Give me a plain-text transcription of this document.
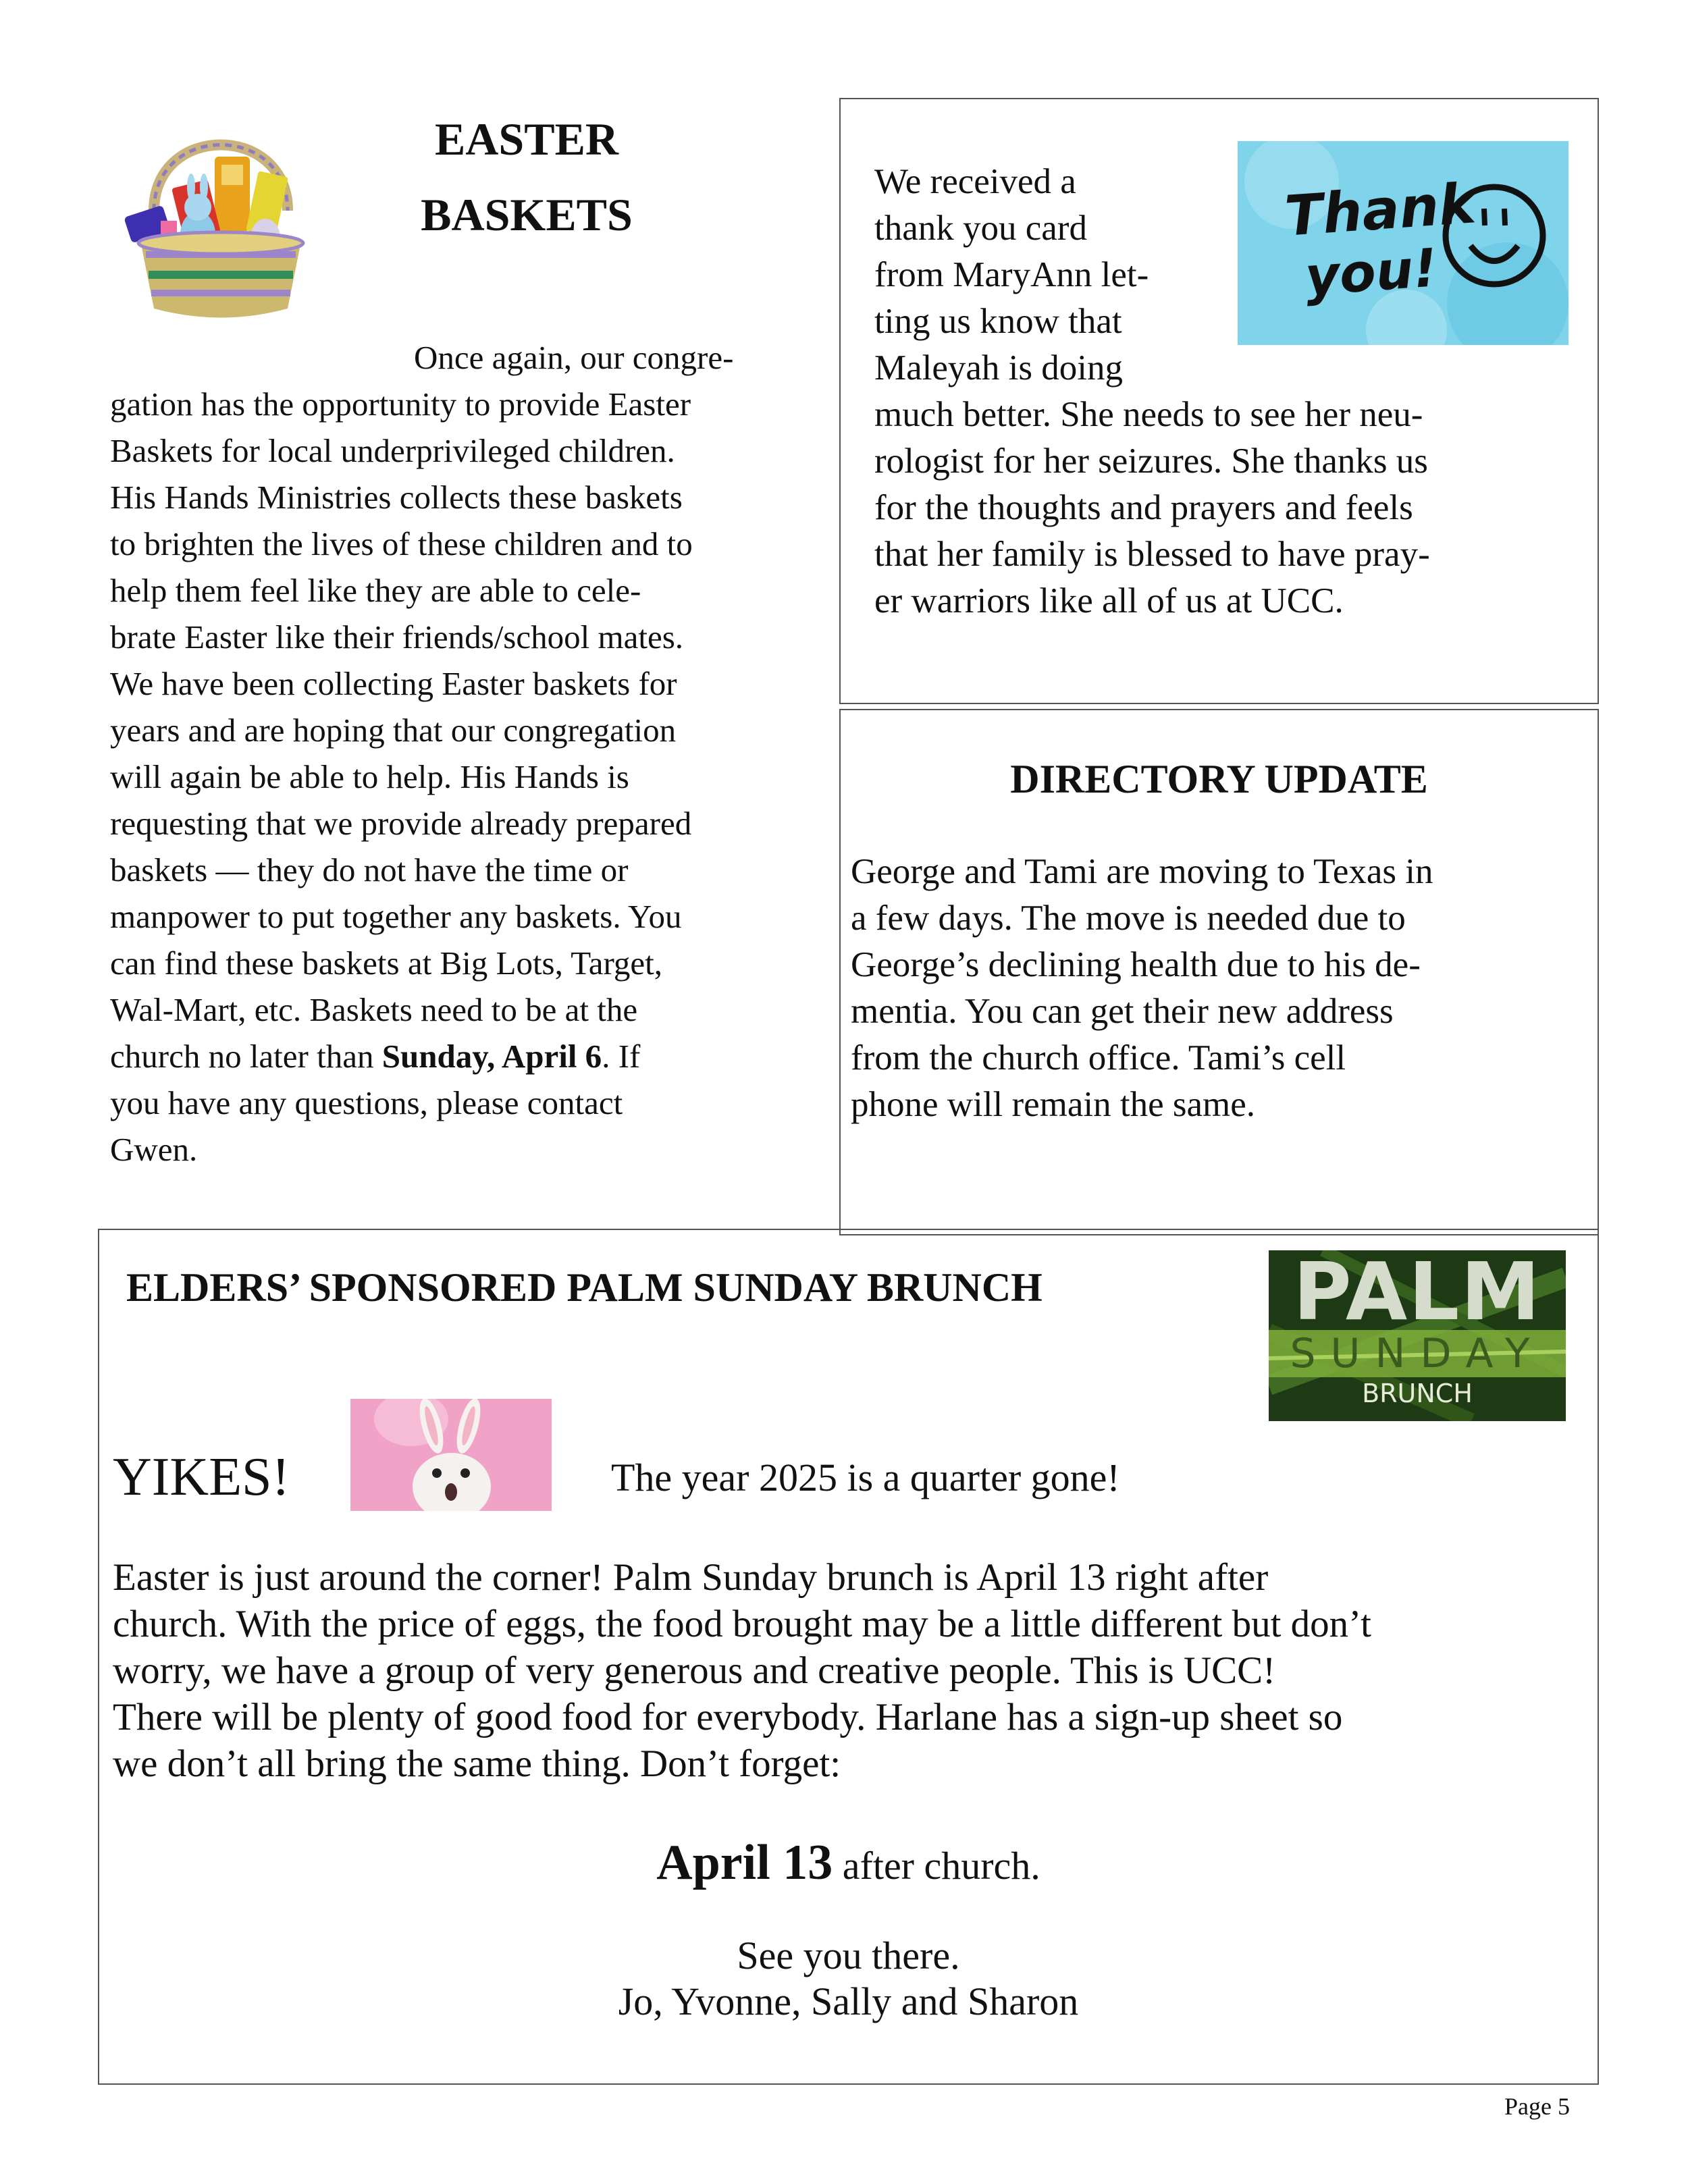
EASTER
BASKETS

Once again, our congre-

gation has the opportunity to provide Easter

Baskets for local underprivileged children.

His Hands Ministries collects these baskets

to brighten the lives of these children and to

help them feel like they are able to cele-

brate Easter like their friends/school mates.

We have been collecting Easter baskets for

years and are hoping that our congregation

will again be able to help. His Hands is

requesting that we provide already prepared

baskets — they do not have the time or

manpower to put together any baskets. You

can find these baskets at Big Lots, Target,

Wal-Mart, etc. Baskets need to be at the

church no later than Sunday, April 6. If

you have any questions, please contact

Gwen.

Thank
you!

We received a

thank you card

from MaryAnn let-

ting us know that

Maleyah is doing

much better. She needs to see her neu-

rologist for her seizures. She thanks us

for the thoughts and prayers and feels

that her family is blessed to have pray-

er warriors like all of us at UCC.

DIRECTORY UPDATE

George and Tami are moving to Texas in

a few days. The move is needed due to

George’s declining health due to his de-

mentia. You can get their new address

from the church office. Tami’s cell

phone will remain the same.

ELDERS’ SPONSORED PALM SUNDAY BRUNCH	PALM
SUNDAY
BRUNCH
YIKES!	The year 2025 is a quarter gone!

Easter is just around the corner! Palm Sunday brunch is April 13 right after

church. With the price of eggs, the food brought may be a little different but don’t

worry, we have a group of very generous and creative people. This is UCC!

There will be plenty of good food for everybody. Harlane has a sign-up sheet so

we don’t all bring the same thing. Don’t forget:

April 13 after church.
See you there.
Jo, Yvonne, Sally and Sharon
Page 5
